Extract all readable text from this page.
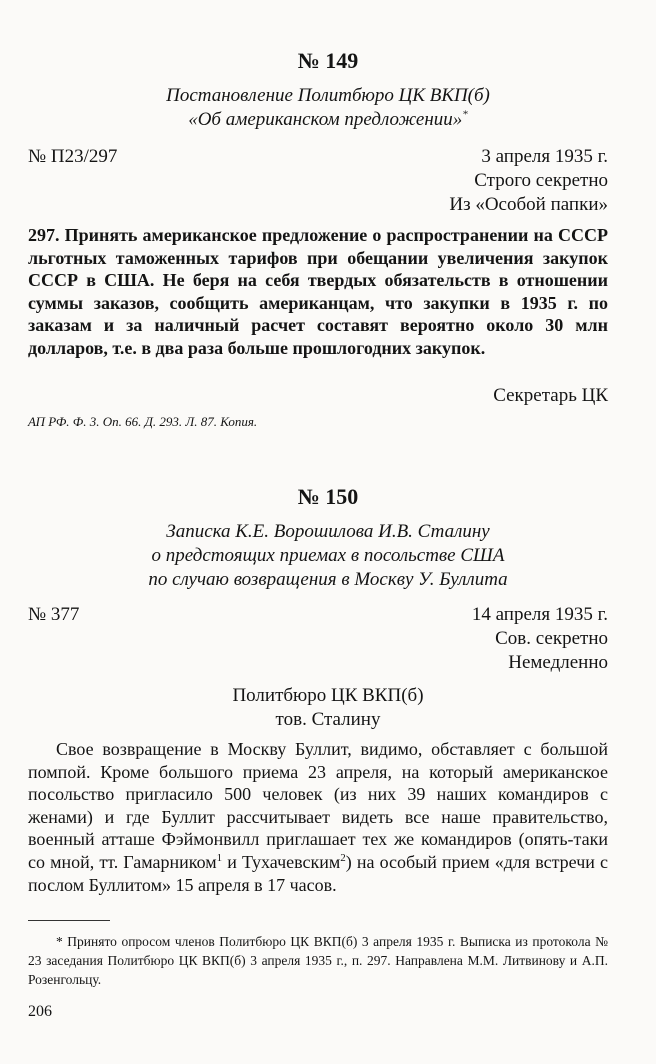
№ 149
Постановление Политбюро ЦК ВКП(б)
«Об американском предложении»*
№ П23/297	3 апреля 1935 г.
Строго секретно
Из «Особой папки»

297. Принять американское предложение о распространении на СССР льготных таможенных тарифов при обещании увеличения закупок СССР в США. Не беря на себя твердых обязательств в отношении суммы заказов, сообщить американцам, что закупки в 1935 г. по заказам и за наличный расчет составят вероятно около 30 млн долларов, т.е. в два раза больше прошлогодних закупок.

Секретарь ЦК
АП РФ. Ф. 3. Оп. 66. Д. 293. Л. 87. Копия.
№ 150
Записка К.Е. Ворошилова И.В. Сталину
о предстоящих приемах в посольстве США
по случаю возвращения в Москву У. Буллита
№ 377	14 апреля 1935 г.
Сов. секретно
Немедленно
Политбюро ЦК ВКП(б)
тов. Сталину

Свое возвращение в Москву Буллит, видимо, обставляет с большой помпой. Кроме большого приема 23 апреля, на который американское посольство пригласило 500 человек (из них 39 наших командиров с женами) и где Буллит рассчитывает видеть все наше правительство, военный атташе Фэймонвилл приглашает тех же командиров (опять-таки со мной, тт. Гамарником$^1$ и Тухачевским$^2$) на особый прием «для встречи с послом Буллитом» 15 апреля в 17 часов.

* Принято опросом членов Политбюро ЦК ВКП(б) 3 апреля 1935 г. Выписка из протокола № 23 заседания Политбюро ЦК ВКП(б) 3 апреля 1935 г., п. 297. Направлена М.М. Литвинову и А.П. Розенгольцу.

206
